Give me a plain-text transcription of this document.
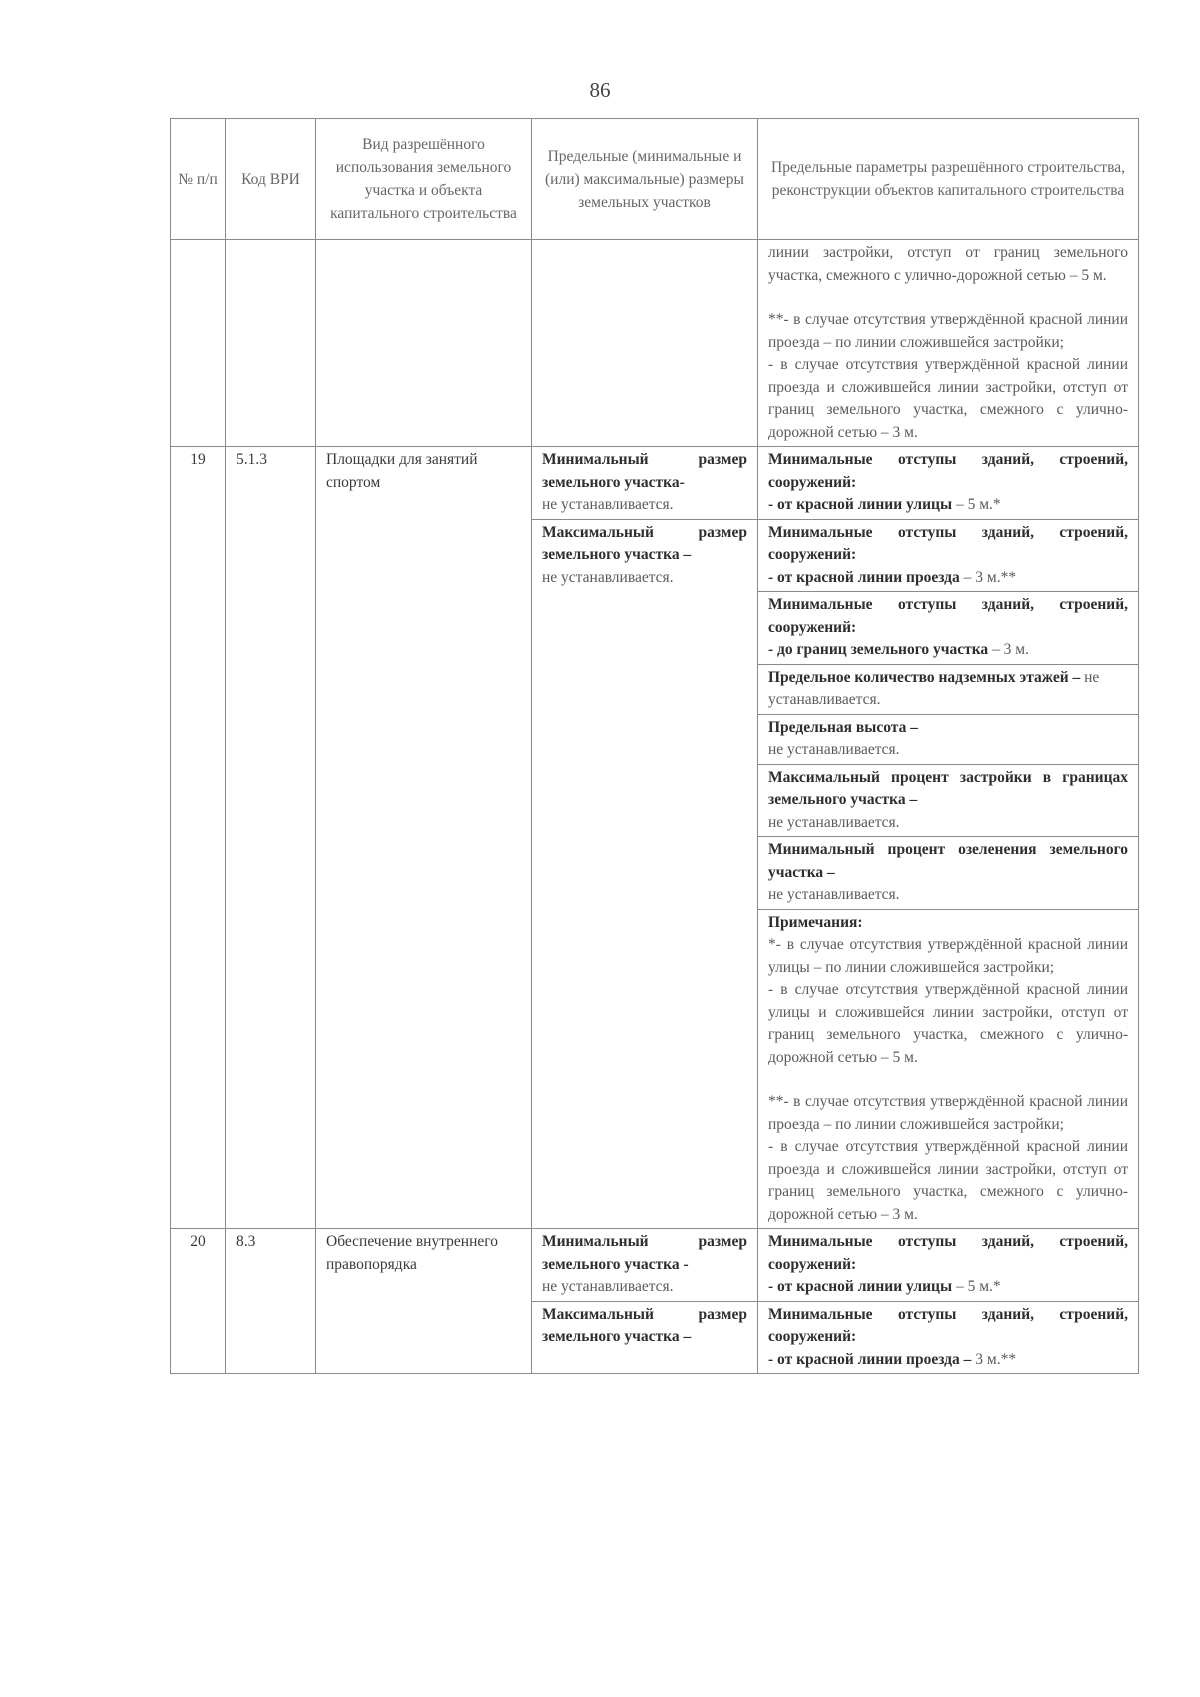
86
№ п/п	Код ВРИ	Вид разрешённого использования земельного участка и объекта капитального строительства	Предельные (минимальные и (или) максимальные) размеры земельных участков	Предельные параметры разрешённого строительства, реконструкции объектов капитального строительства

				линии застройки, отступ от границ земельного участка, смежного с улично-дорожной сетью – 5 м.
**- в случае отсутствия утверждённой красной линии проезда – по линии сложившейся застройки;
- в случае отсутствия утверждённой красной линии проезда и сложившейся линии застройки, отступ от границ земельного участка, смежного с улично-дорожной сетью – 3 м.

19	5.1.3	Площадки для занятий спортом	Минимальный размер земельного участка-
не устанавливается.	Минимальные отступы зданий, строений, сооружений:
- от красной линии улицы – 5 м.*

			Максимальный размер земельного участка –
не устанавливается.	Минимальные отступы зданий, строений, сооружений:
- от красной линии проезда – 3 м.**

				Минимальные отступы зданий, строений, сооружений:
- до границ земельного участка – 3 м.
				Предельное количество надземных этажей – не устанавливается.

				Предельная высота –
не устанавливается.

				Максимальный процент застройки в границах земельного участка –
не устанавливается.

				Минимальный процент озеленения земельного участка –
не устанавливается.

				Примечания:
*- в случае отсутствия утверждённой красной линии улицы – по линии сложившейся застройки;
- в случае отсутствия утверждённой красной линии улицы и сложившейся линии застройки, отступ от границ земельного участка, смежного с улично-дорожной сетью – 5 м.
**- в случае отсутствия утверждённой красной линии проезда – по линии сложившейся застройки;
- в случае отсутствия утверждённой красной линии проезда и сложившейся линии застройки, отступ от границ земельного участка, смежного с улично-дорожной сетью – 3 м.

20	8.3	Обеспечение внутреннего правопорядка	Минимальный размер земельного участка -
не устанавливается.	Минимальные отступы зданий, строений, сооружений:
- от красной линии улицы – 5 м.*

			Максимальный размер земельного участка –	Минимальные отступы зданий, строений, сооружений:
- от красной линии проезда – 3 м.**
